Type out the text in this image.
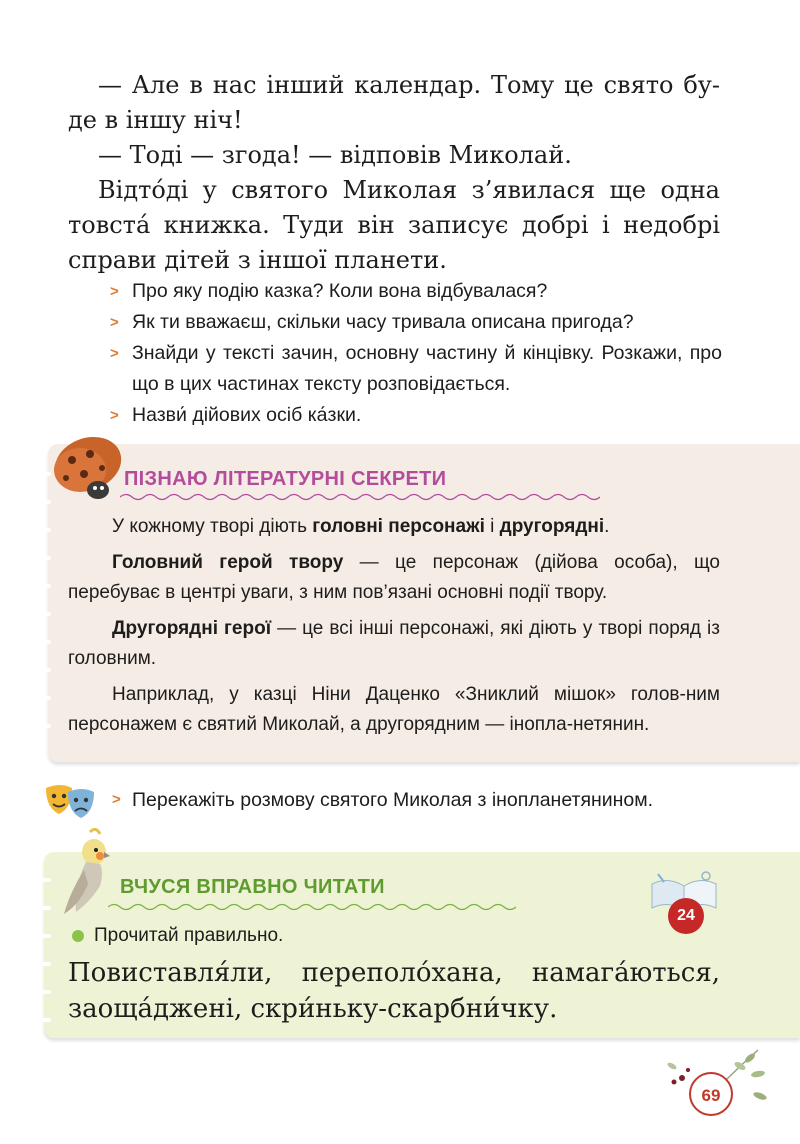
— Але в нас інший календар. Тому це свято бу-де в іншу ніч!

— Тоді — згода! — відповів Миколай.

Відто́ді у святого Миколая з’явилася ще одна товста́ книжка. Туди він записує добрі і недобрі справи дітей з іншої планети.

> Про яку подію казка? Коли вона відбувалася?
> Як ти вважаєш, скільки часу тривала описана пригода?
> Знайди у тексті зачин, основну частину й кінцівку. Розкажи, про що в цих частинах тексту розповідається.
> Назви́ дійових осіб ка́зки.
ПІЗНАЮ ЛІТЕРАТУРНІ СЕКРЕТИ

У кожному творі діють головні персонажі і другорядні.

Головний герой твору — це персонаж (дійова особа), що перебуває в центрі уваги, з ним пов’язані основні події твору.

Другорядні герої — це всі інші персонажі, які діють у творі поряд із головним.

Наприклад, у казці Ніни Даценко «Зниклий мішок» голов-ним персонажем є святий Миколай, а другорядним — інопла-нетянин.

> Перекажіть розмову святого Миколая з інопланетянином.
ВЧУСЯ ВПРАВНО ЧИТАТИ
24
Прочитай правильно.
Повиставля́ли, переполо́хана, намага́ються, заоща́джені, скри́ньку-скарбни́чку.
69
